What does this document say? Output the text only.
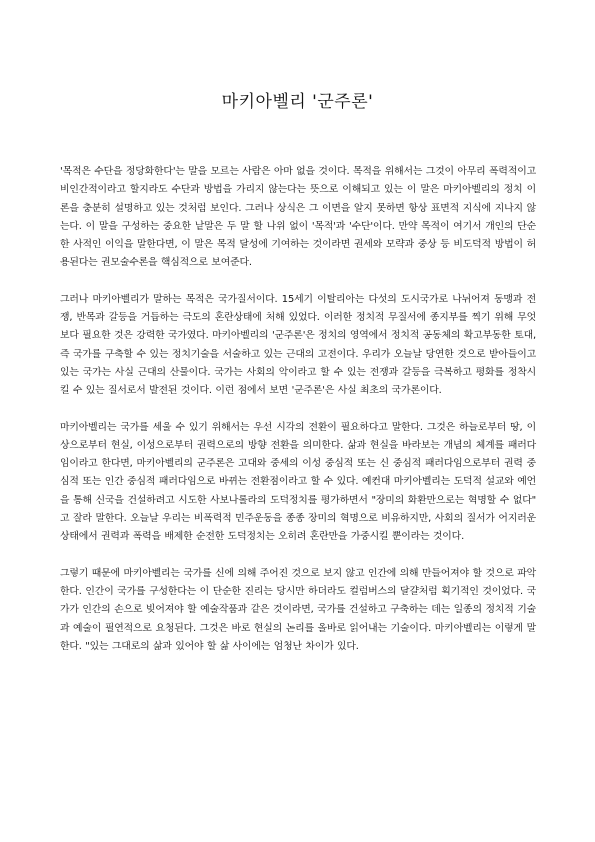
마키아벨리 '군주론'

'목적은 수단을 정당화한다'는 말을 모르는 사람은 아마 없을 것이다. 목적을 위해서는 그것이 아무리 폭력적이고 비인간적이라고 할지라도 수단과 방법을 가리지 않는다는 뜻으로 이해되고 있는 이 말은 마키아벨리의 정치 이론을 충분히 설명하고 있는 것처럼 보인다. 그러나 상식은 그 이면을 알지 못하면 항상 표면적 지식에 지나지 않는다. 이 말을 구성하는 중요한 낱말은 두 말 할 나위 없이 '목적'과 '수단'이다. 만약 목적이 여기서 개인의 단순한 사적인 이익을 말한다면, 이 말은 목적 달성에 기여하는 것이라면 권세와 모략과 중상 등 비도덕적 방법이 허용된다는 권모술수론을 핵심적으로 보여준다.

그러나 마키아벨리가 말하는 목적은 국가질서이다. 15세기 이탈리아는 다섯의 도시국가로 나뉘어져 동맹과 전쟁, 반목과 갈등을 거듭하는 극도의 혼란상태에 처해 있었다. 이러한 정치적 무질서에 종지부를 찍기 위해 무엇보다 필요한 것은 강력한 국가였다. 마키아벨리의 '군주론'은 정치의 영역에서 정치적 공동체의 확고부동한 토대, 즉 국가를 구축할 수 있는 정치기술을 서술하고 있는 근대의 고전이다. 우리가 오늘날 당연한 것으로 받아들이고 있는 국가는 사실 근대의 산물이다. 국가는 사회의 악이라고 할 수 있는 전쟁과 갈등을 극복하고 평화를 정착시킬 수 있는 질서로서 발전된 것이다. 이런 점에서 보면 '군주론'은 사실 최초의 국가론이다.

마키아벨리는 국가를 세울 수 있기 위해서는 우선 시각의 전환이 필요하다고 말한다. 그것은 하늘로부터 땅, 이상으로부터 현실, 이성으로부터 권력으로의 방향 전환을 의미한다. 삶과 현실을 바라보는 개념의 체계를 패러다임이라고 한다면, 마키아벨리의 군주론은 고대와 중세의 이성 중심적 또는 신 중심적 패러다임으로부터 권력 중심적 또는 인간 중심적 패러다임으로 바뀌는 전환점이라고 할 수 있다. 예컨대 마키아벨리는 도덕적 설교와 예언을 통해 신국을 건설하려고 시도한 사보나롤라의 도덕정치를 평가하면서 "장미의 화환만으로는 혁명할 수 없다" 고 잘라 말한다. 오늘날 우리는 비폭력적 민주운동을 종종 장미의 혁명으로 비유하지만, 사회의 질서가 어지러운 상태에서 권력과 폭력을 배제한 순전한 도덕정치는 오히려 혼란만을 가중시킬 뿐이라는 것이다.

그렇기 때문에 마키아벨리는 국가를 신에 의해 주어진 것으로 보지 않고 인간에 의해 만들어져야 할 것으로 파악한다. 인간이 국가를 구성한다는 이 단순한 진리는 당시만 하더라도 컬럼버스의 달걀처럼 획기적인 것이었다. 국가가 인간의 손으로 빚어져야 할 예술작품과 같은 것이라면, 국가를 건설하고 구축하는 데는 일종의 정치적 기술과 예술이 필연적으로 요청된다. 그것은 바로 현실의 논리를 올바로 읽어내는 기술이다. 마키아벨리는 이렇게 말한다. "있는 그대로의 삶과 있어야 할 삶 사이에는 엄청난 차이가 있다.
